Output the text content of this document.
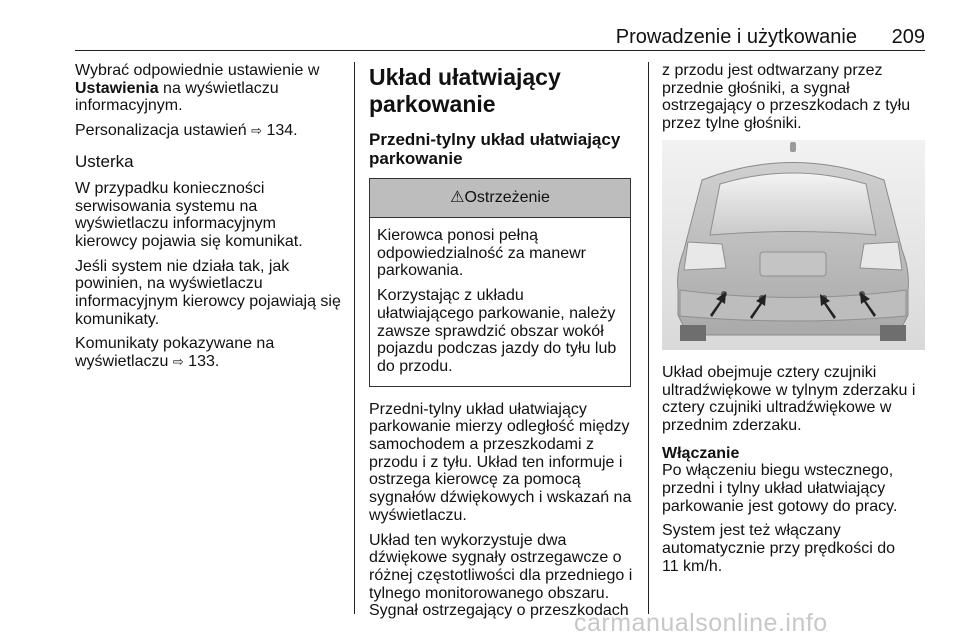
Prowadzenie i użytkowanie 209

Wybrać odpowiednie ustawienie w
Ustawienia na wyświetlaczu
informacyjnym.

Personalizacja ustawień ⇨ 134.

Usterka

W przypadku konieczności
serwisowania systemu na
wyświetlaczu informacyjnym
kierowcy pojawia się komunikat.

Jeśli system nie działa tak, jak
powinien, na wyświetlaczu
informacyjnym kierowcy pojawiają się
komunikaty.

Komunikaty pokazywane na
wyświetlaczu ⇨ 133.

Układ ułatwiający
parkowanie
Przedni-tylny układ ułatwiający
parkowanie
⚠Ostrzeżenie

Kierowca ponosi pełną
odpowiedzialność za manewr
parkowania.

Korzystając z układu
ułatwiającego parkowanie, należy
zawsze sprawdzić obszar wokół
pojazdu podczas jazdy do tyłu lub
do przodu.

Przedni-tylny układ ułatwiający
parkowanie mierzy odległość między
samochodem a przeszkodami z
przodu i z tyłu. Układ ten informuje i
ostrzega kierowcę za pomocą
sygnałów dźwiękowych i wskazań na
wyświetlaczu.

Układ ten wykorzystuje dwa
dźwiękowe sygnały ostrzegawcze o
różnej częstotliwości dla przedniego i
tylnego monitorowanego obszaru.
Sygnał ostrzegający o przeszkodach

z przodu jest odtwarzany przez
przednie głośniki, a sygnał
ostrzegający o przeszkodach z tyłu
przez tylne głośniki.

Układ obejmuje cztery czujniki
ultradźwiękowe w tylnym zderzaku i
cztery czujniki ultradźwiękowe w
przednim zderzaku.

Włączanie

Po włączeniu biegu wstecznego,
przedni i tylny układ ułatwiający
parkowanie jest gotowy do pracy.

System jest też włączany
automatycznie przy prędkości do
11 km/h.

carmanualsonline.info
